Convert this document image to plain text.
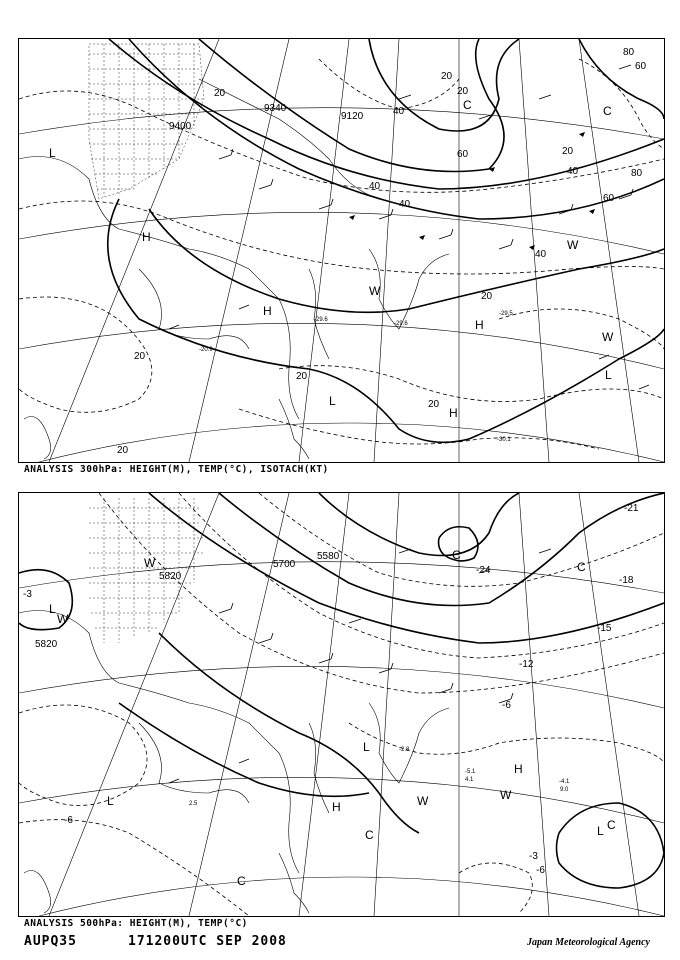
9400
9340
9120
20
20
20
20
20
20
40
40
40
40
40
60
60
60
80
80
20
20
20
L
H
H
H
H
L
W
W
C
C
L
W
-29.5
-30.1
-29.6
-20.9
-29.6
ANALYSIS 300hPa: HEIGHT(M), TEMP(°C), ISOTACH(KT)
5820
5820
5700
5580
-3
-6
-24
-21
-18
-15
-12
-6
-3
-6
L
W
L
L
H
H
W	W
C
L C
W
C
C
C
-5.1
4.1	-4.1
9.0
2.5
-2.8
ANALYSIS 500hPa: HEIGHT(M), TEMP(°C)
AUPQ35	171200UTC SEP 2008	Japan Meteorological Agency
